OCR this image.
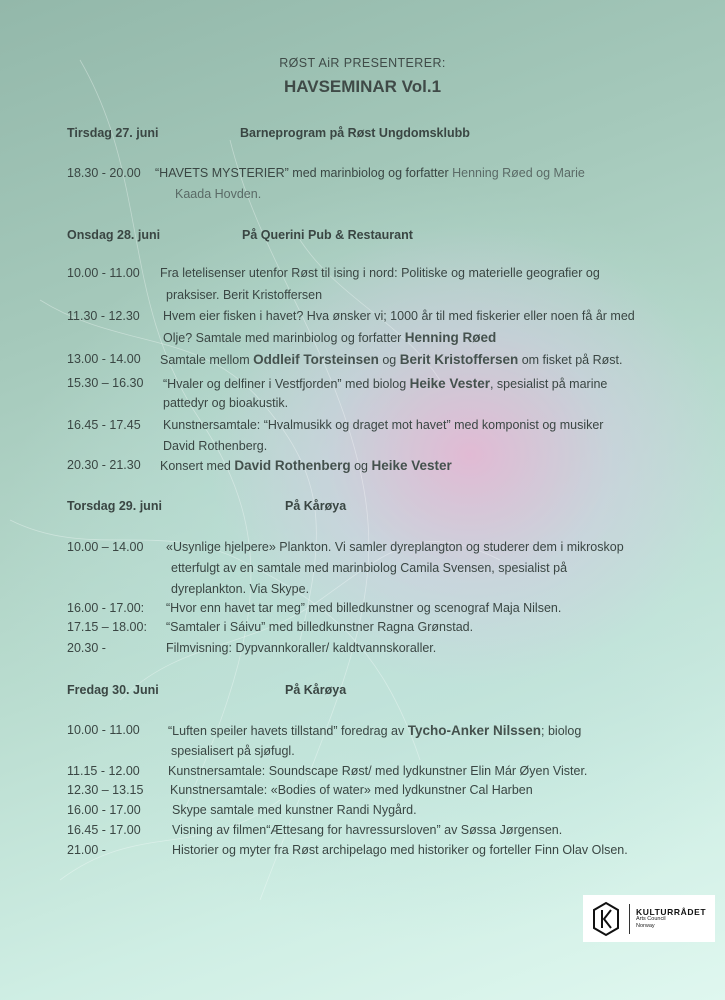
RØST AiR PRESENTERER:
HAVSEMINAR Vol.1
Tirsdag 27. juni	Barneprogram på Røst Ungdomsklubb
18.30 - 20.00 “HAVETS MYSTERIER” med marinbiolog og forfatter Henning Røed og Marie
Kaada Hovden.
Onsdag 28. juni	På Querini Pub & Restaurant
10.00 - 11.00 Fra letelisenser utenfor Røst til ising i nord: Politiske og materielle geografier og
praksiser. Berit Kristoffersen
11.30 - 12.30 Hvem eier fisken i havet? Hva ønsker vi; 1000 år til med fiskerier eller noen få år med
Olje? Samtale med marinbiolog og forfatter Henning Røed
13.00 - 14.00 Samtale mellom Oddleif Torsteinsen og Berit Kristoffersen om fisket på Røst.
15.30 – 16.30 “Hvaler og delfiner i Vestfjorden” med biolog Heike Vester, spesialist på marine
pattedyr og bioakustik.
16.45 - 17.45 Kunstnersamtale: “Hvalmusikk og draget mot havet” med komponist og musiker
David Rothenberg.
20.30 - 21.30 Konsert med David Rothenberg og Heike Vester
Torsdag 29. juni	På Kårøya
10.00 – 14.00 «Usynlige hjelpere» Plankton. Vi samler dyreplangton og studerer dem i mikroskop
etterfulgt av en samtale med marinbiolog Camila Svensen, spesialist på
dyreplankton. Via Skype.
16.00 - 17.00: “Hvor enn havet tar meg” med billedkunstner og scenograf Maja Nilsen.
17.15 – 18.00: “Samtaler i Sáivu” med billedkunstner Ragna Grønstad.
20.30 -	Filmvisning: Dypvannkoraller/ kaldtvannskoraller.
Fredag 30. Juni	På Kårøya
10.00 - 11.00 “Luften speiler havets tillstand” foredrag av Tycho-Anker Nilssen; biolog
spesialisert på sjøfugl.
11.15 - 12.00 Kunstnersamtale: Soundscape Røst/ med lydkunstner Elin Már Øyen Vister.
12.30 – 13.15 Kunstnersamtale: «Bodies of water» med lydkunstner Cal Harben
16.00 - 17.00	Skype samtale med kunstner Randi Nygård.
16.45 - 17.00	Visning av filmen“Ættesang for havressursloven” av Søssa Jørgensen.
21.00 -	Historier og myter fra Røst archipelago med historiker og forteller Finn Olav Olsen.
KULTURRÅDET
Arts Council
Norway
